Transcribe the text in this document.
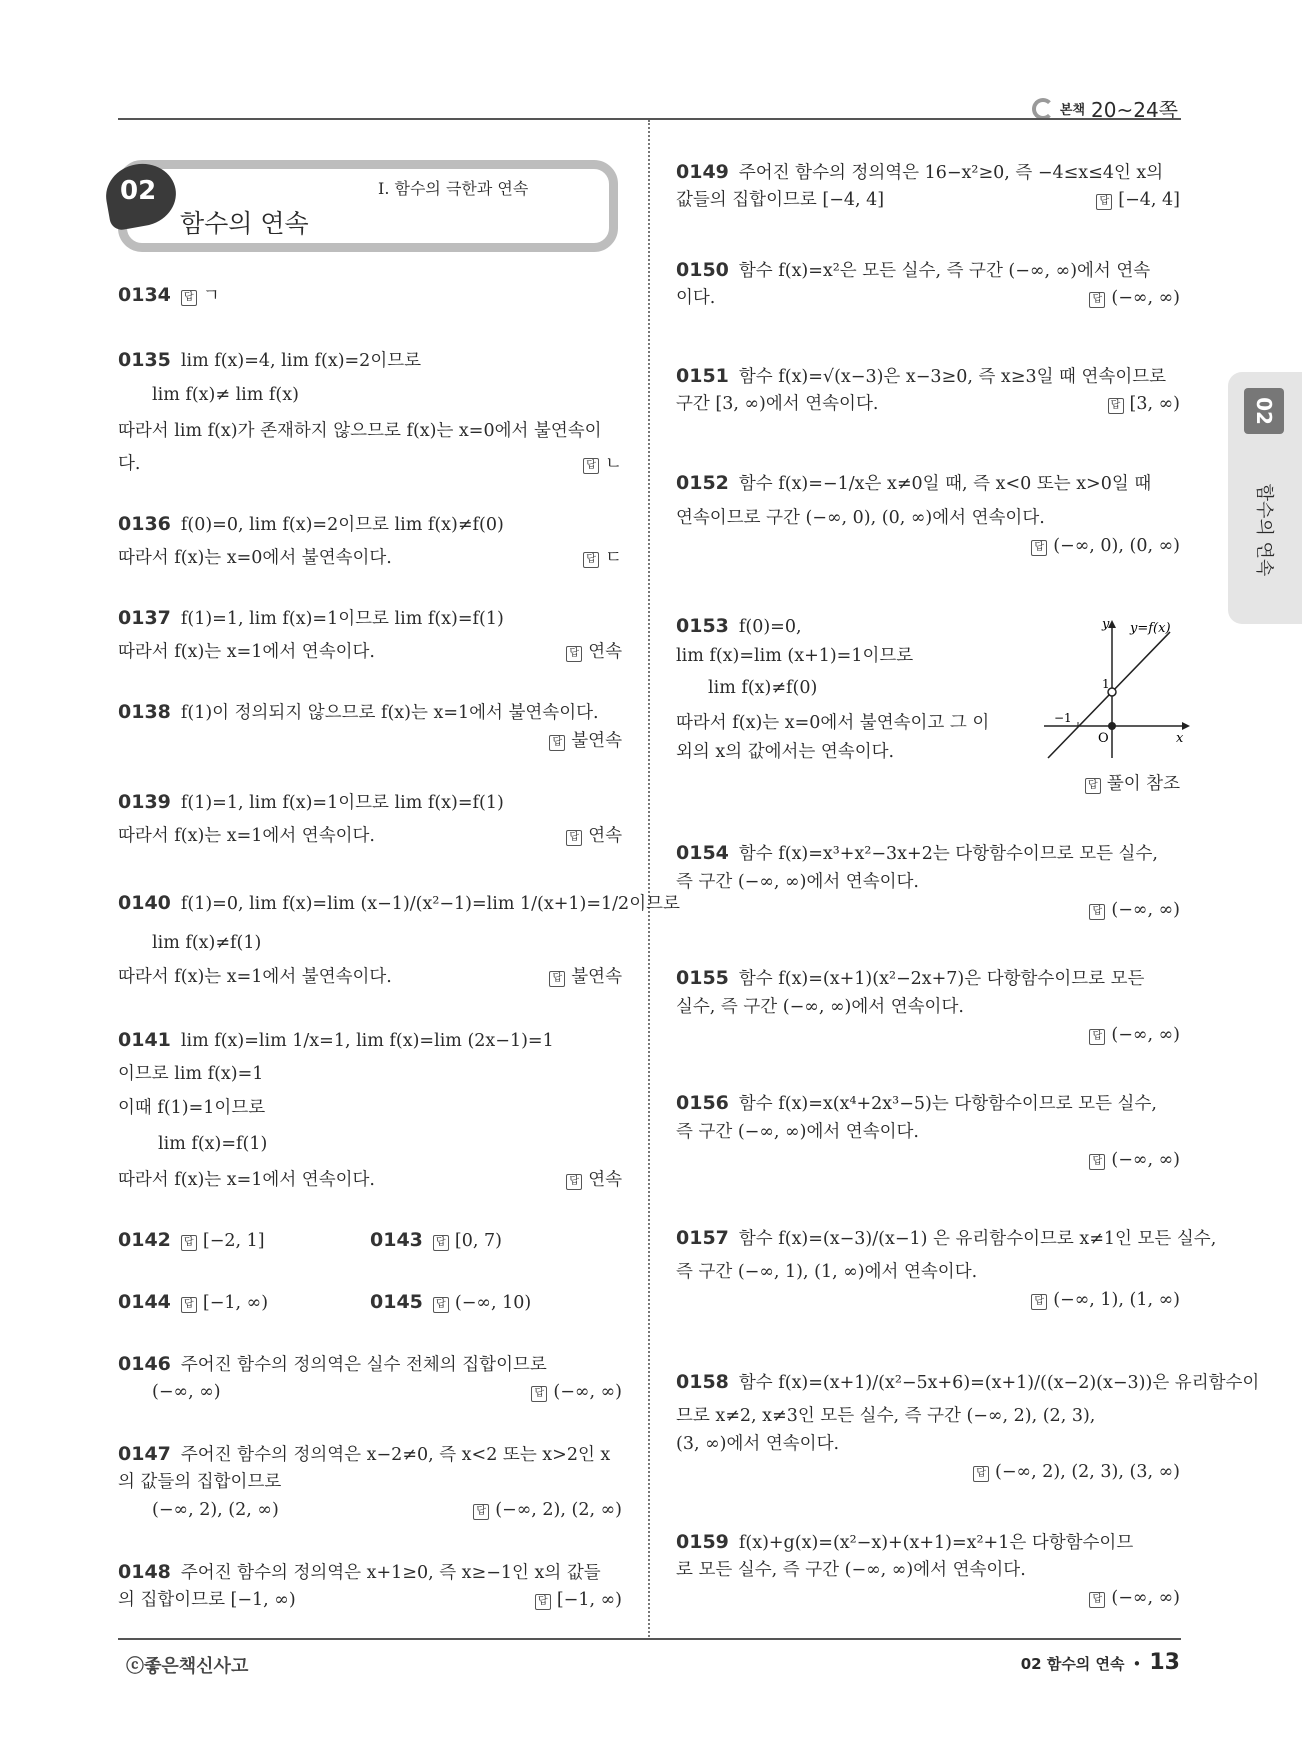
본책 20~24쪽
02	Ⅰ. 함수의 극한과 연속
함수의 연속
02
함수의 연속
0134 답 ㄱ
0135 lim f(x)=4, lim f(x)=2이므로
lim f(x)≠ lim f(x)
따라서 lim f(x)가 존재하지 않으므로 f(x)는 x=0에서 불연속이
다.	답 ㄴ
0136 f(0)=0, lim f(x)=2이므로 lim f(x)≠f(0)
따라서 f(x)는 x=0에서 불연속이다.	답 ㄷ
0137 f(1)=1, lim f(x)=1이므로 lim f(x)=f(1)
따라서 f(x)는 x=1에서 연속이다.	답 연속
0138 f(1)이 정의되지 않으므로 f(x)는 x=1에서 불연속이다.
답 불연속
0139 f(1)=1, lim f(x)=1이므로 lim f(x)=f(1)
따라서 f(x)는 x=1에서 연속이다.	답 연속
0140 f(1)=0, lim f(x)=lim (x−1)/(x²−1)=lim 1/(x+1)=1/2이므로
lim f(x)≠f(1)
따라서 f(x)는 x=1에서 불연속이다.	답 불연속
0141 lim f(x)=lim 1/x=1, lim f(x)=lim (2x−1)=1
이므로 lim f(x)=1
이때 f(1)=1이므로
lim f(x)=f(1)
따라서 f(x)는 x=1에서 연속이다.	답 연속
0142 답 [−2, 1]	0143 답 [0, 7)
0144 답 [−1, ∞)	0145 답 (−∞, 10)
0146 주어진 함수의 정의역은 실수 전체의 집합이므로
(−∞, ∞)	답 (−∞, ∞)
0147 주어진 함수의 정의역은 x−2≠0, 즉 x<2 또는 x>2인 x
의 값들의 집합이므로
(−∞, 2), (2, ∞)	답 (−∞, 2), (2, ∞)
0148 주어진 함수의 정의역은 x+1≥0, 즉 x≥−1인 x의 값들
의 집합이므로 [−1, ∞)	답 [−1, ∞)
0149 주어진 함수의 정의역은 16−x²≥0, 즉 −4≤x≤4인 x의
값들의 집합이므로 [−4, 4]	답 [−4, 4]
0150 함수 f(x)=x²은 모든 실수, 즉 구간 (−∞, ∞)에서 연속
이다.	답 (−∞, ∞)
0151 함수 f(x)=√(x−3)은 x−3≥0, 즉 x≥3일 때 연속이므로
구간 [3, ∞)에서 연속이다.	답 [3, ∞)
0152 함수 f(x)=−1/x은 x≠0일 때, 즉 x<0 또는 x>0일 때
연속이므로 구간 (−∞, 0), (0, ∞)에서 연속이다.
답 (−∞, 0), (0, ∞)
0153 f(0)=0,
lim f(x)=lim (x+1)=1이므로
lim f(x)≠f(0)
따라서 f(x)는 x=0에서 불연속이고 그 이
외의 x의 값에서는 연속이다.
답 풀이 참조
y
x
O
y=f(x)
1
−1
0154 함수 f(x)=x³+x²−3x+2는 다항함수이므로 모든 실수,
즉 구간 (−∞, ∞)에서 연속이다.
답 (−∞, ∞)
0155 함수 f(x)=(x+1)(x²−2x+7)은 다항함수이므로 모든
실수, 즉 구간 (−∞, ∞)에서 연속이다.
답 (−∞, ∞)
0156 함수 f(x)=x(x⁴+2x³−5)는 다항함수이므로 모든 실수,
즉 구간 (−∞, ∞)에서 연속이다.
답 (−∞, ∞)
0157 함수 f(x)=(x−3)/(x−1) 은 유리함수이므로 x≠1인 모든 실수,
즉 구간 (−∞, 1), (1, ∞)에서 연속이다.
답 (−∞, 1), (1, ∞)
0158 함수 f(x)=(x+1)/(x²−5x+6)=(x+1)/((x−2)(x−3))은 유리함수이
므로 x≠2, x≠3인 모든 실수, 즉 구간 (−∞, 2), (2, 3),
(3, ∞)에서 연속이다.
답 (−∞, 2), (2, 3), (3, ∞)
0159 f(x)+g(x)=(x²−x)+(x+1)=x²+1은 다항함수이므
로 모든 실수, 즉 구간 (−∞, ∞)에서 연속이다.
답 (−∞, ∞)
ⓒ좋은책신사고	02 함수의 연속 • 13
